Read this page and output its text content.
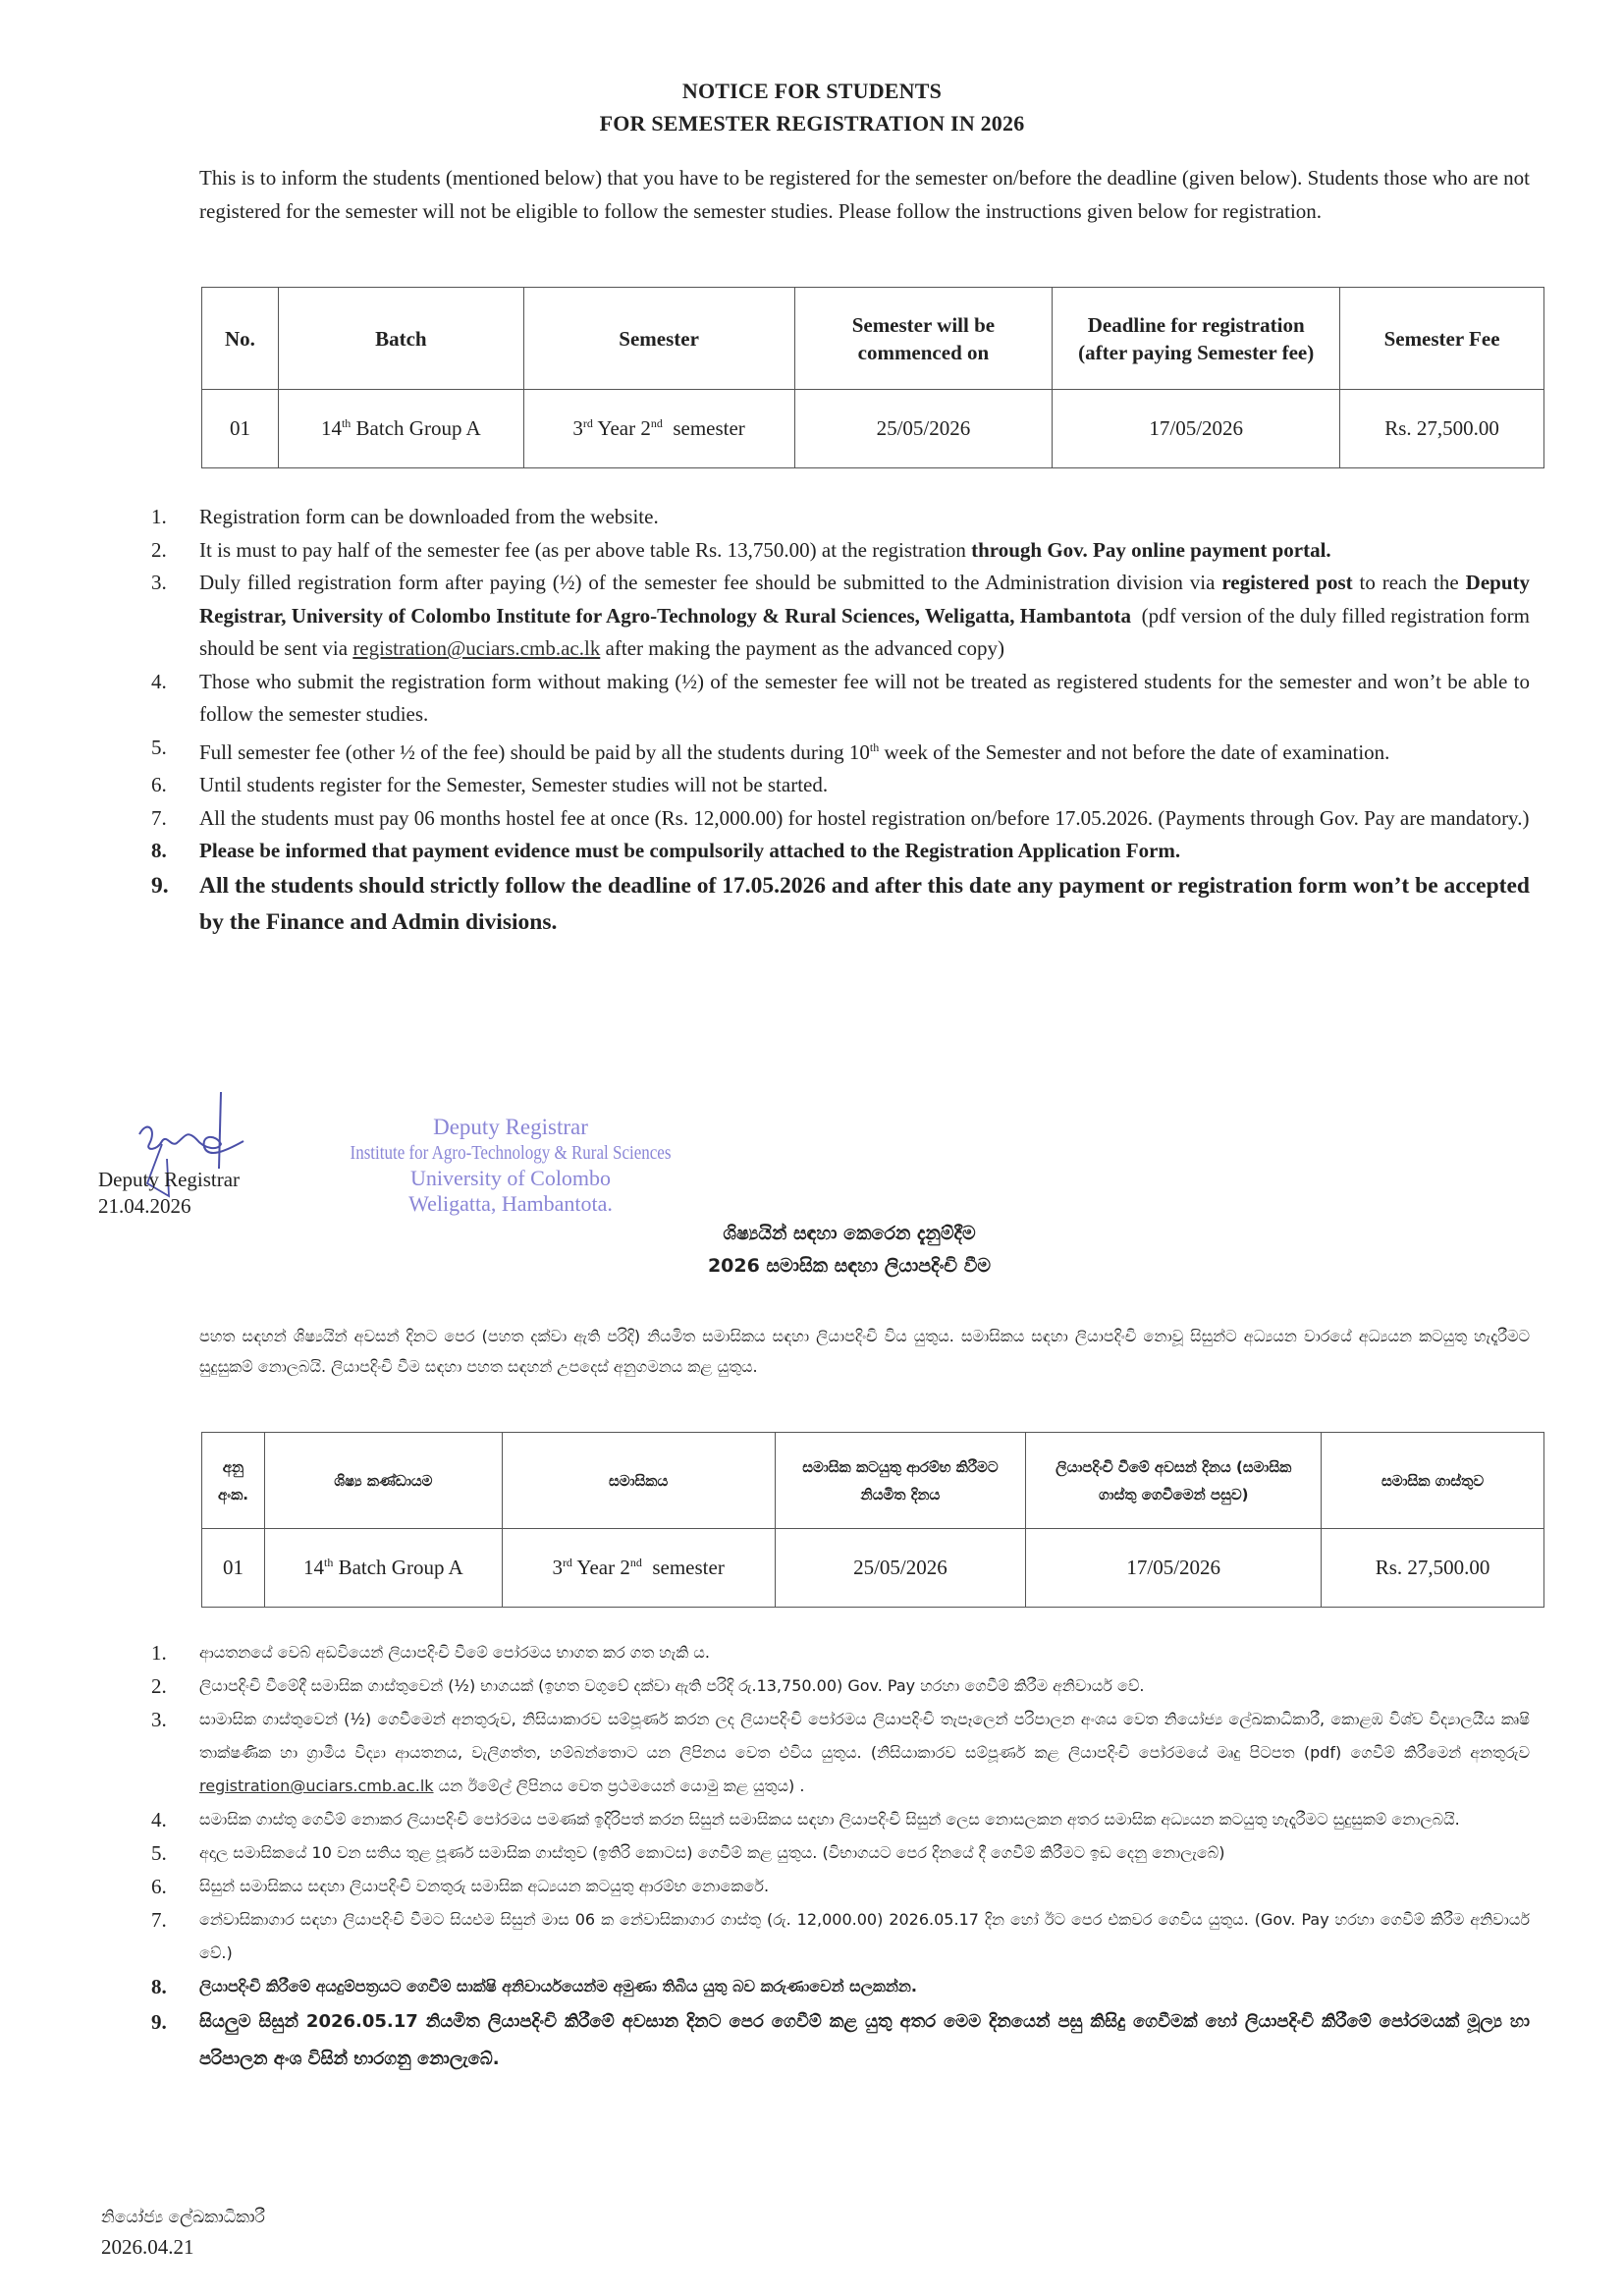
NOTICE FOR STUDENTS
FOR SEMESTER REGISTRATION IN 2026
This is to inform the students (mentioned below) that you have to be registered for the semester on/before the deadline (given below). Students those who are not registered for the semester will not be eligible to follow the semester studies. Please follow the instructions given below for registration.
No.	Batch	Semester	Semester will be commenced on	Deadline for registration (after paying Semester fee)	Semester Fee
01	14th Batch Group A	3rd Year 2nd  semester	25/05/2026	17/05/2026	Rs. 27,500.00
1. Registration form can be downloaded from the website.
2. It is must to pay half of the semester fee (as per above table Rs. 13,750.00) at the registration through Gov. Pay online payment portal.
3. Duly filled registration form after paying (½) of the semester fee should be submitted to the Administration division via registered post to reach the Deputy Registrar, University of Colombo Institute for Agro-Technology & Rural Sciences, Weligatta, Hambantota  (pdf version of the duly filled registration form should be sent via registration@uciars.cmb.ac.lk after making the payment as the advanced copy)
4. Those who submit the registration form without making (½) of the semester fee will not be treated as registered students for the semester and won’t be able to follow the semester studies.
5. Full semester fee (other ½ of the fee) should be paid by all the students during 10th week of the Semester and not before the date of examination.
6. Until students register for the Semester, Semester studies will not be started.
7. All the students must pay 06 months hostel fee at once (Rs. 12,000.00) for hostel registration on/before 17.05.2026. (Payments through Gov. Pay are mandatory.)
8. Please be informed that payment evidence must be compulsorily attached to the Registration Application Form.
9. All the students should strictly follow the deadline of 17.05.2026 and after this date any payment or registration form won’t be accepted by the Finance and Admin divisions.
Deputy Registrar
21.04.2026
Deputy Registrar
Institute for Agro-Technology & Rural Sciences
University of Colombo
Weligatta, Hambantota.
ශිෂ්‍යයින් සඳහා කෙරෙන දැනුම්දීම
2026 සමාසික සඳහා ලියාපදිංචි වීම
පහත සඳහන් ශිෂ්‍යයින් අවසන් දිනට පෙර (පහත දක්වා ඇති පරිදි) නියමිත සමාසිකය සඳහා ලියාපදිංචි විය යුතුය. සමාසිකය සඳහා ලියාපදිංචි නොවූ සිසුන්ට අධ්‍යයන වාරයේ අධ්‍යයන කටයුතු හැදෑරීමට සුදුසුකම් නොලබයි. ලියාපදිංචි වීම සඳහා පහත සඳහන් උපදෙස් අනුගමනය කළ යුතුය.
අනු අංක.	ශිෂ්‍ය කණ්ඩායම	සමාසිකය	සමාසික කටයුතු ආරම්භ කිරීමට නියමිත දිනය	ලියාපදිංචි වීමේ අවසන් දිනය (සමාසික ගාස්තු ගෙවීමෙන් පසුව)	සමාසික ගාස්තුව
01	14th Batch Group A	3rd Year 2nd  semester	25/05/2026	17/05/2026	Rs. 27,500.00
1. ආයතනයේ වෙබ් අඩවියෙන් ලියාපදිංචි වීමේ පෝරමය භාගත කර ගත හැකි ය.
2. ලියාපදිංචි වීමේදී සමාසික ගාස්තුවෙන් (½) භාගයක් (ඉහත වගුවේ දක්වා ඇති පරිදි රු.13,750.00) Gov. Pay හරහා ගෙවීම් කිරීම අනිවාර්ය වේ.
3. සාමාසික ගාස්තුවෙන් (½) ගෙවීමෙන් අනතුරුව, නිසියාකාරව සම්පූර්ණ කරන ලද ලියාපදිංචි පෝරමය ලියාපදිංචි තැපෑලෙන් පරිපාලන අංශය වෙත නියෝජ්‍ය ලේඛකාධිකාරී, කොළඹ විශ්ව විද්‍යාලයීය කෘෂි තාක්ෂණික හා ග්‍රාමීය විද්‍යා ආයතනය, වැලිගත්ත, හම්බන්තොට යන ලිපිනය වෙත එවිය යුතුය. (නිසියාකාරව සම්පූර්ණ කළ ලියාපදිංචි පෝරමයේ මෘදු පිටපත (pdf) ගෙවීම් කිරීමෙන් අනතුරුව registration@uciars.cmb.ac.lk යන ඊමේල් ලිපිනය වෙත ප්‍රථමයෙන් යොමු කළ යුතුය) .
4. සමාසික ගාස්තු ගෙවීම් නොකර ලියාපදිංචි පෝරමය පමණක් ඉදිරිපත් කරන සිසුන් සමාසිකය සඳහා ලියාපදිංචි සිසුන් ලෙස නොසලකන අතර සමාසික අධ්‍යයන කටයුතු හැදෑරීමට සුදුසුකම් නොලබයි.
5. අදාල සමාසිකයේ 10 වන සතිය තුළ පූර්ණ සමාසික ගාස්තුව (ඉතිරි කොටස) ගෙවීම් කළ යුතුය. (විභාගයට පෙර දිනයේ දී ගෙවීම් කිරීමට ඉඩ දෙනු නොලැබේ)
6. සිසුන් සමාසිකය සඳහා ලියාපදිංචි වනතුරු සමාසික අධ්‍යයන කටයුතු ආරම්භ නොකෙරේ.
7. නේවාසිකාගාර සඳහා ලියාපදිංචි වීමට සියළුම සිසුන් මාස 06 ක නේවාසිකාගාර ගාස්තු (රු. 12,000.00) 2026.05.17 දින හෝ ඊට පෙර එකවර ගෙවිය යුතුය. (Gov. Pay හරහා ගෙවීම් කිරීම අනිවාර්ය වේ.)
8. ලියාපදිංචි කිරීමේ අයදුම්පත්‍රයට ගෙවීම් සාක්ෂි අනිවාර්යයෙන්ම අමුණා තිබිය යුතු බව කරුණාවෙන් සලකන්න.
9. සියලුම සිසුන් 2026.05.17 නියමිත ලියාපදිංචි කිරීමේ අවසාන දිනට පෙර ගෙවීම් කළ යුතු අතර මෙම දිනයෙන් පසු කිසිදු ගෙවීමක් හෝ ලියාපදිංචි කිරීමේ පෝරමයක් මූල්‍ය හා පරිපාලන අංශ විසින් භාරගනු නොලැබේ.
නියෝජ්‍ය ලේඛකාධිකාරී
2026.04.21
